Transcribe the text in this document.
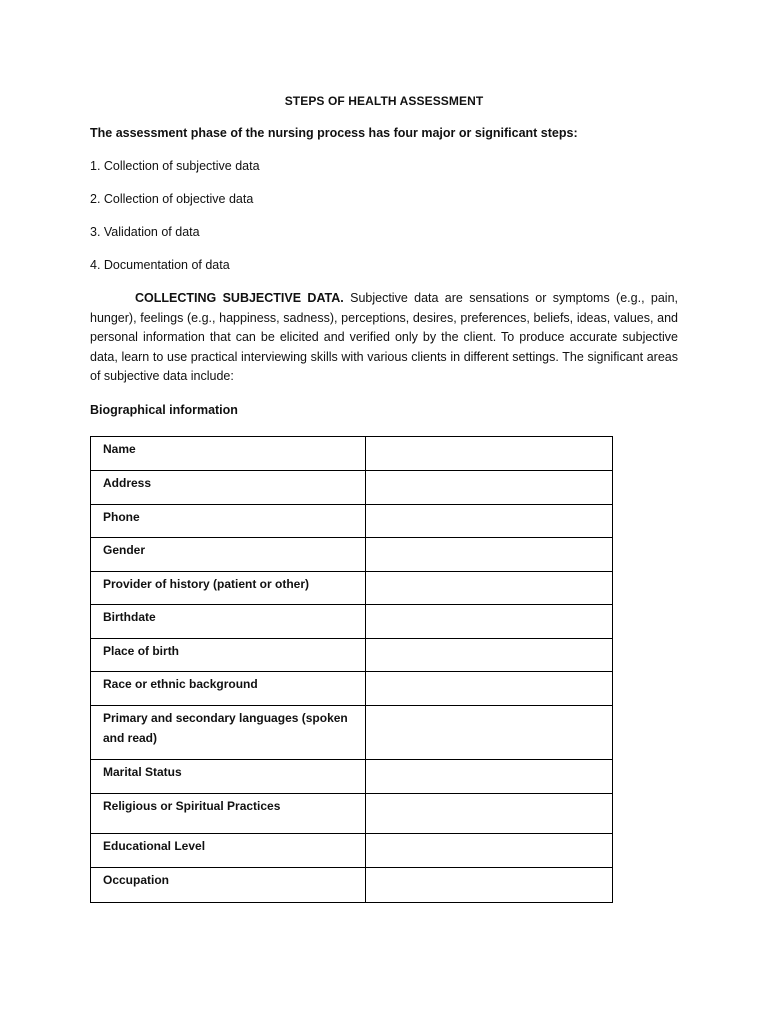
STEPS OF HEALTH ASSESSMENT
The assessment phase of the nursing process has four major or significant steps:
1. Collection of subjective data
2. Collection of objective data
3. Validation of data
4. Documentation of data

COLLECTING SUBJECTIVE DATA. Subjective data are sensations or symptoms (e.g., pain, hunger), feelings (e.g., happiness, sadness), perceptions, desires, preferences, beliefs, ideas, values, and personal information that can be elicited and verified only by the client. To produce accurate subjective data, learn to use practical interviewing skills with various clients in different settings. The significant areas of subjective data include:

Biographical information
Name	

Address	

Phone	

Gender	

Provider of history (patient or other)	

Birthdate	

Place of birth	

Race or ethnic background	

Primary and secondary languages (spoken and read)	

Marital Status	

Religious or Spiritual Practices	

Educational Level	

Occupation	
